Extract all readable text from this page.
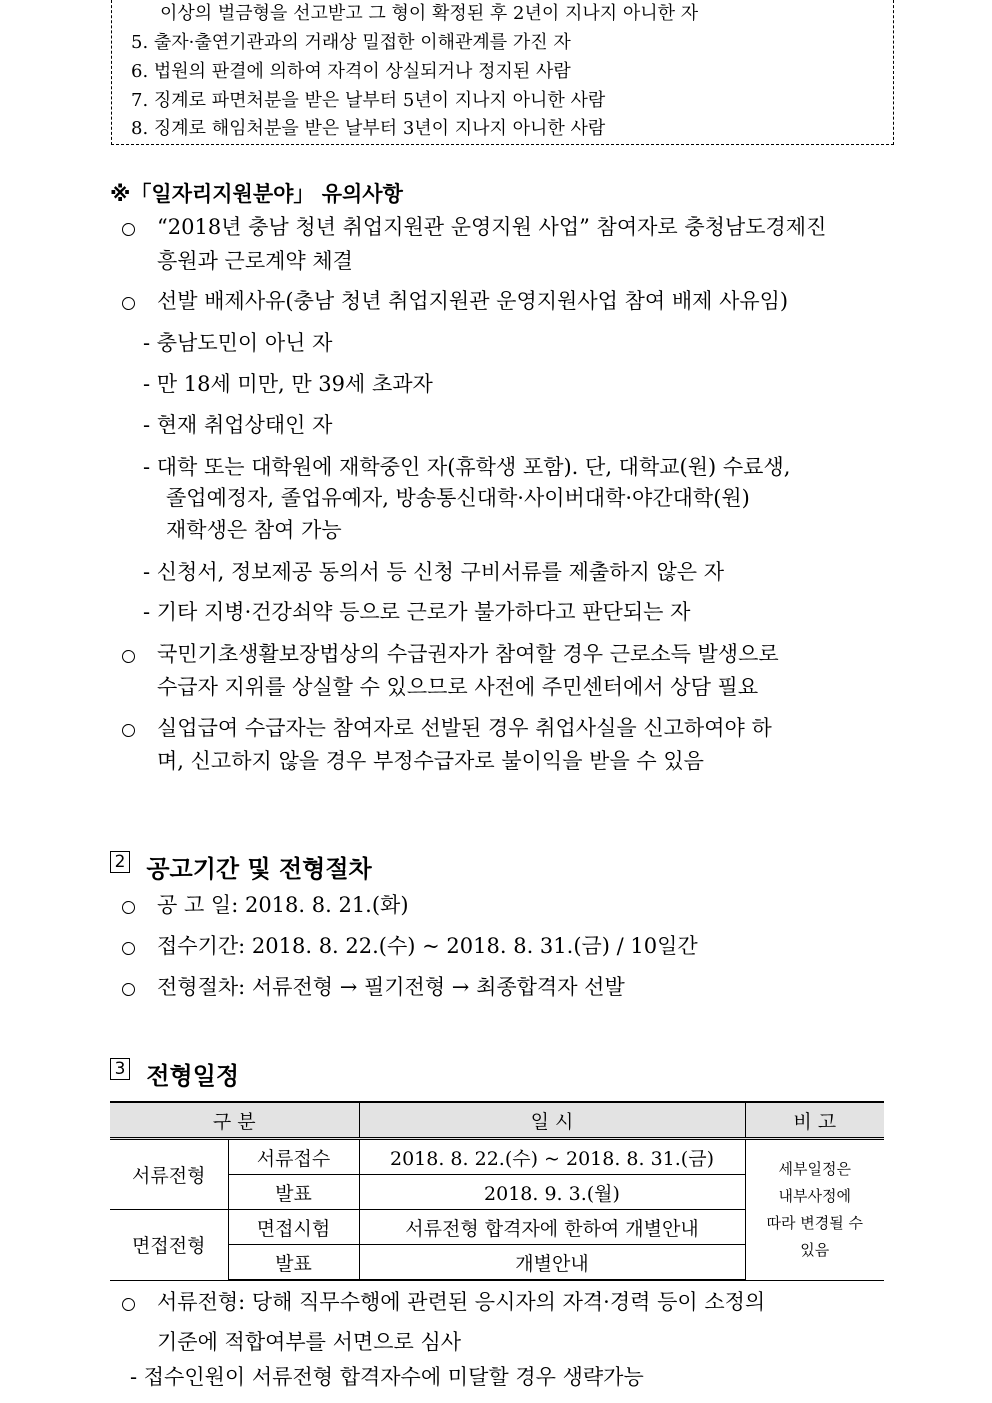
이상의 벌금형을 선고받고 그 형이 확정된 후 2년이 지나지 아니한 자
5. 출자·출연기관과의 거래상 밀접한 이해관계를 가진 자
6. 법원의 판결에 의하여 자격이 상실되거나 정지된 사람
7. 징계로 파면처분을 받은 날부터 5년이 지나지 아니한 사람
8. 징계로 해임처분을 받은 날부터 3년이 지나지 아니한 사람
※「일자리지원분야」 유의사항
“2018년 충남 청년 취업지원관 운영지원 사업” 참여자로 충청남도경제진
흥원과 근로계약 체결
선발 배제사유(충남 청년 취업지원관 운영지원사업 참여 배제 사유임)
- 충남도민이 아닌 자
- 만 18세 미만, 만 39세 초과자
- 현재 취업상태인 자
- 대학 또는 대학원에 재학중인 자(휴학생 포함). 단, 대학교(원) 수료생,
졸업예정자, 졸업유예자, 방송통신대학·사이버대학·야간대학(원)
재학생은 참여 가능
- 신청서, 정보제공 동의서 등 신청 구비서류를 제출하지 않은 자
- 기타 지병·건강쇠약 등으로 근로가 불가하다고 판단되는 자
국민기초생활보장법상의 수급권자가 참여할 경우 근로소득 발생으로
수급자 지위를 상실할 수 있으므로 사전에 주민센터에서 상담 필요
실업급여 수급자는 참여자로 선발된 경우 취업사실을 신고하여야 하
며, 신고하지 않을 경우 부정수급자로 불이익을 받을 수 있음
2 공고기간 및 전형절차
공 고 일: 2018. 8. 21.(화)
접수기간: 2018. 8. 22.(수) ~ 2018. 8. 31.(금) / 10일간
전형절차: 서류전형 → 필기전형 → 최종합격자 선발
3 전형일정
구 분		일 시	비 고
서류전형	서류접수	2018. 8. 22.(수) ~ 2018. 8. 31.(금)	세부일정은
내부사정에
따라 변경될 수
있음

	발표	2018. 9. 3.(월)	
면접전형	면접시험	서류전형 합격자에 한하여 개별안내	
	발표	개별안내	
서류전형: 당해 직무수행에 관련된 응시자의 자격·경력 등이 소정의
기준에 적합여부를 서면으로 심사
- 접수인원이 서류전형 합격자수에 미달할 경우 생략가능
